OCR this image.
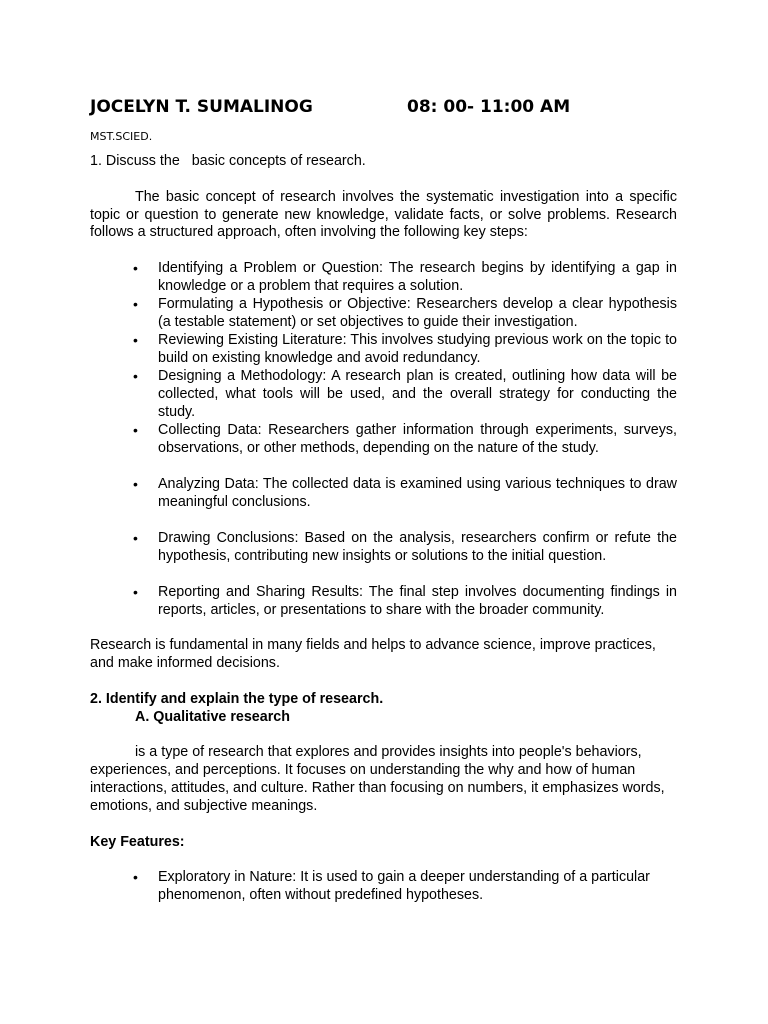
JOCELYN T. SUMALINOG	08: 00- 11:00 AM
MST.SCIED.

1. Discuss the   basic concepts of research.

The basic concept of research involves the systematic investigation into a specific topic or question to generate new knowledge, validate facts, or solve problems. Research follows a structured approach, often involving the following key steps:

• Identifying a Problem or Question: The research begins by identifying a gap in knowledge or a problem that requires a solution.
• Formulating a Hypothesis or Objective: Researchers develop a clear hypothesis (a testable statement) or set objectives to guide their investigation.
• Reviewing Existing Literature: This involves studying previous work on the topic to build on existing knowledge and avoid redundancy.
• Designing a Methodology: A research plan is created, outlining how data will be collected, what tools will be used, and the overall strategy for conducting the study.
• Collecting Data: Researchers gather information through experiments, surveys, observations, or other methods, depending on the nature of the study.
• Analyzing Data: The collected data is examined using various techniques to draw meaningful conclusions.
• Drawing Conclusions: Based on the analysis, researchers confirm or refute the hypothesis, contributing new insights or solutions to the initial question.
• Reporting and Sharing Results: The final step involves documenting findings in reports, articles, or presentations to share with the broader community.

Research is fundamental in many fields and helps to advance science, improve practices, and make informed decisions.

2. Identify and explain the type of research.

A. Qualitative research

is a type of research that explores and provides insights into people's behaviors, experiences, and perceptions. It focuses on understanding the why and how of human interactions, attitudes, and culture. Rather than focusing on numbers, it emphasizes words, emotions, and subjective meanings.

Key Features:

• Exploratory in Nature: It is used to gain a deeper understanding of a particular phenomenon, often without predefined hypotheses.
